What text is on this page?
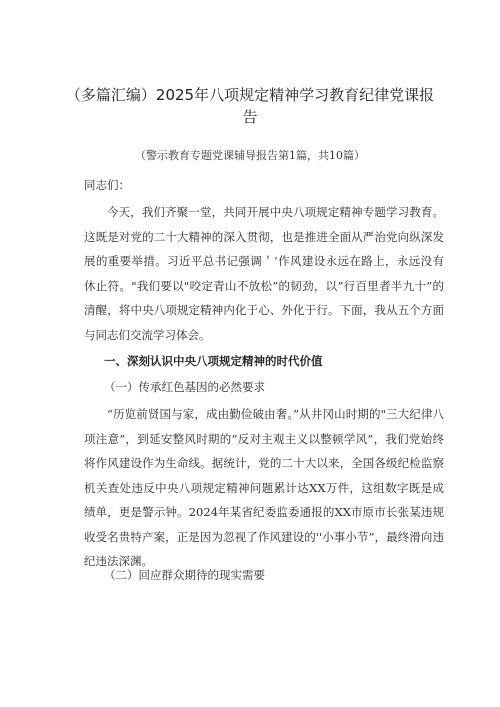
（多篇汇编）2025年八项规定精神学习教育纪律党课报告
（警示教育专题党课辅导报告第1篇，共10篇）

同志们：

今天，我们齐聚一堂，共同开展中央八项规定精神专题学习教育。这既是对党的二十大精神的深入贯彻，也是推进全面从严治党向纵深发展的重要举措。习近平总书记强调＇‘作风建设永远在路上，永远没有休止符。"我们要以"咬定青山不放松”的韧劲，以”行百里者半九十”的清醒，将中央八项规定精神内化于心、外化于行。下面，我从五个方面与同志们交流学习体会。

一、深刻认识中央八项规定精神的时代价值
（一）传承红色基因的必然要求

“历览前贤国与家，成由勤俭破由奢。”从井冈山时期的"三大纪律八项注意”，到延安整风时期的”反对主观主义以整顿学风”，我们党始终将作风建设作为生命线。据统计，党的二十大以来，全国各级纪检监察机关查处违反中央八项规定精神问题累计达XX万件，这组数字既是成绩单，更是警示钟。2024年某省纪委监委通报的XX市原市长张某违规收受名贵特产案，正是因为忽视了作风建设的''小事小节”，最终滑向违纪违法深渊。

（二）回应群众期待的现实需要
